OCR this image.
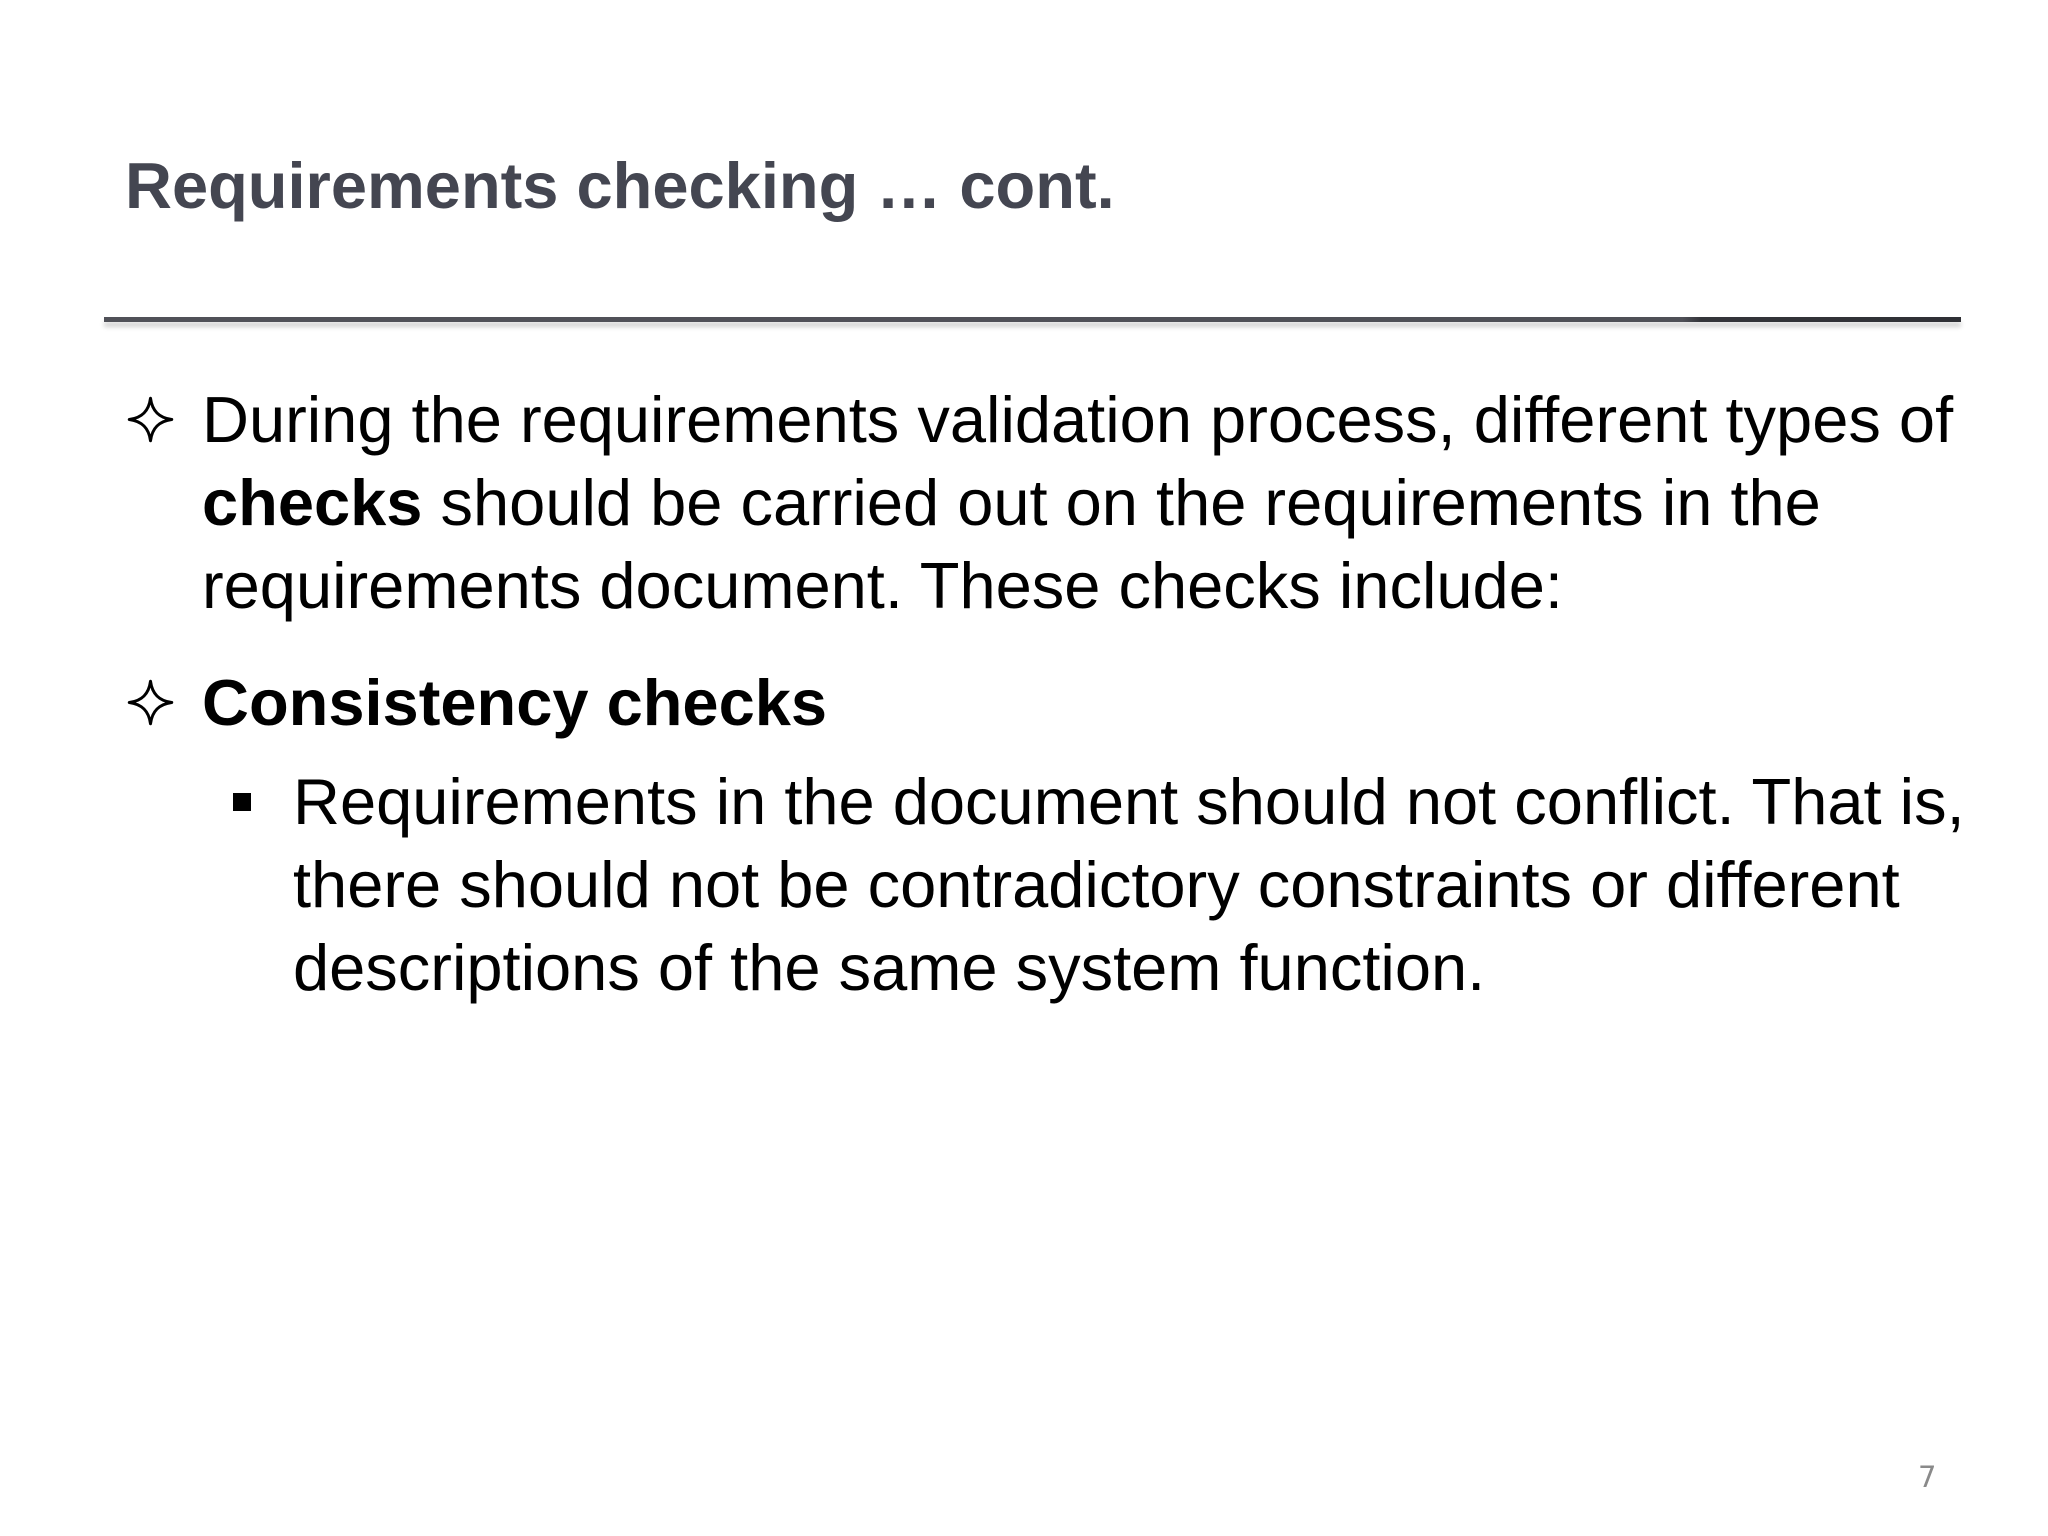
Requirements checking … cont.
During the requirements validation process, different types of checks should be carried out on the requirements in the requirements document. These checks include:
Consistency checks
Requirements in the document should not conflict. That is, there should not be contradictory constraints or different descriptions of the same system function.
7
